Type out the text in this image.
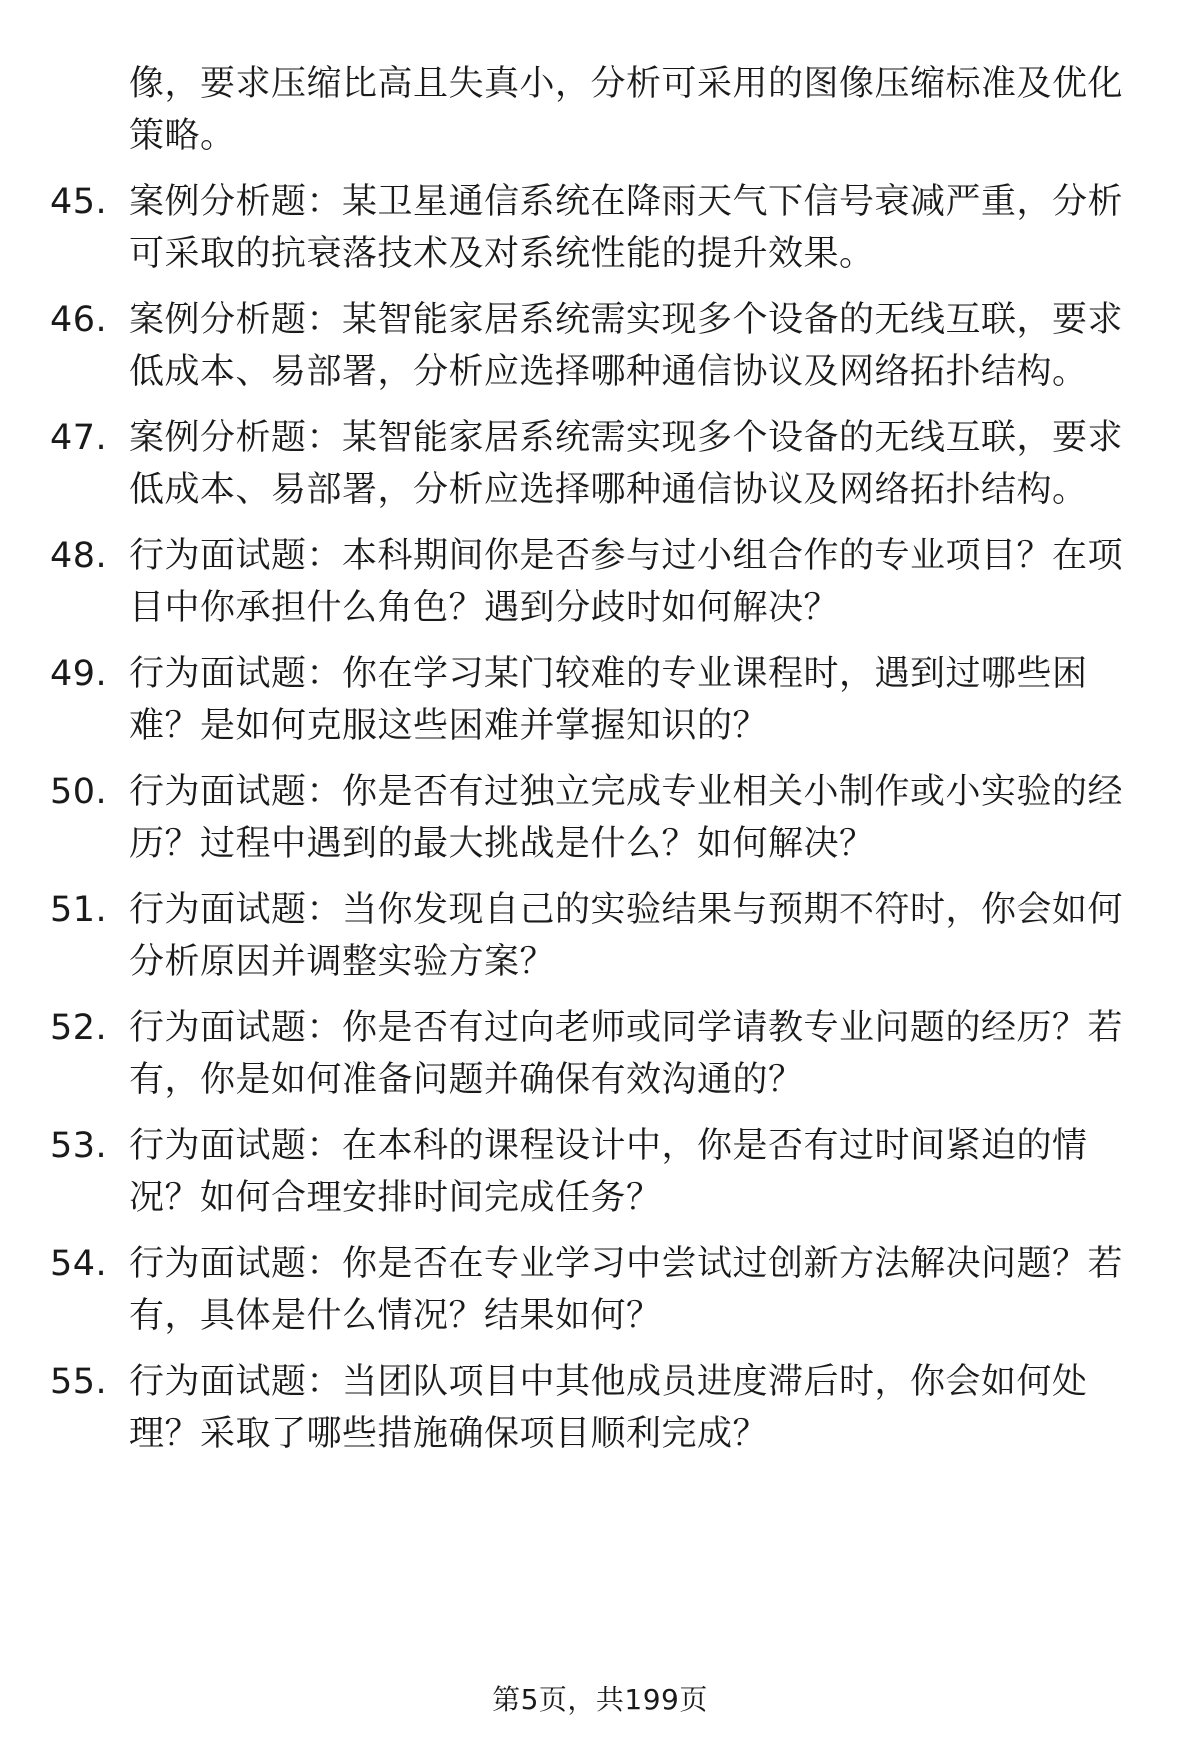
像，要求压缩比高且失真小，分析可采用的图像压缩标准及优化策略。
45. 案例分析题：某卫星通信系统在降雨天气下信号衰减严重，分析可采取的抗衰落技术及对系统性能的提升效果。
46. 案例分析题：某智能家居系统需实现多个设备的无线互联，要求低成本、易部署，分析应选择哪种通信协议及网络拓扑结构。
47. 案例分析题：某智能家居系统需实现多个设备的无线互联，要求低成本、易部署，分析应选择哪种通信协议及网络拓扑结构。
48. 行为面试题：本科期间你是否参与过小组合作的专业项目？在项目中你承担什么角色？遇到分歧时如何解决？
49. 行为面试题：你在学习某门较难的专业课程时，遇到过哪些困难？是如何克服这些困难并掌握知识的？
50. 行为面试题：你是否有过独立完成专业相关小制作或小实验的经历？过程中遇到的最大挑战是什么？如何解决？
51. 行为面试题：当你发现自己的实验结果与预期不符时，你会如何分析原因并调整实验方案？
52. 行为面试题：你是否有过向老师或同学请教专业问题的经历？若有，你是如何准备问题并确保有效沟通的？
53. 行为面试题：在本科的课程设计中，你是否有过时间紧迫的情况？如何合理安排时间完成任务？
54. 行为面试题：你是否在专业学习中尝试过创新方法解决问题？若有，具体是什么情况？结果如何？
55. 行为面试题：当团队项目中其他成员进度滞后时，你会如何处理？采取了哪些措施确保项目顺利完成？
第5页，共199页
